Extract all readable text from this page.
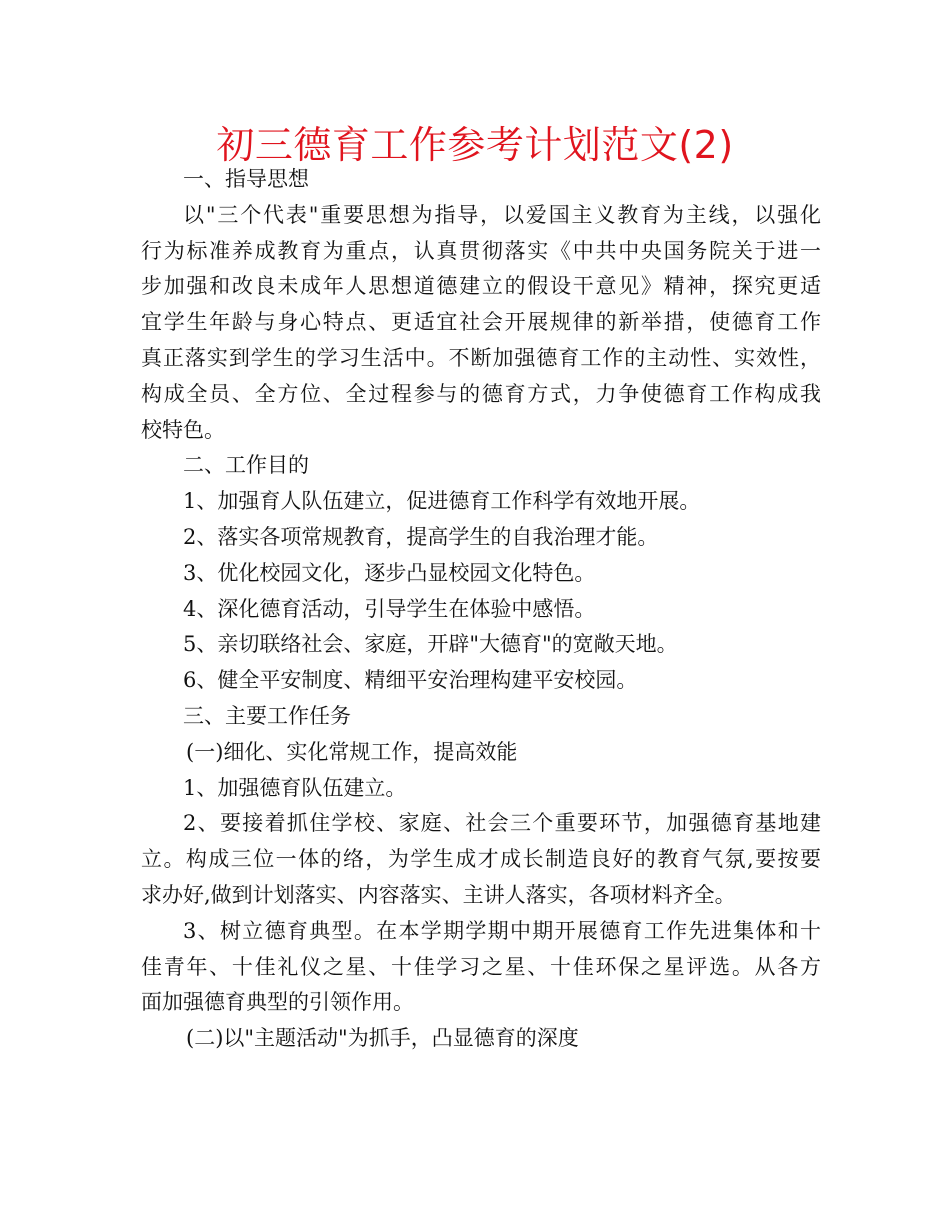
初三德育工作参考计划范文(2)

一、指导思想

以"三个代表"重要思想为指导，以爱国主义教育为主线，以强化

行为标准养成教育为重点，认真贯彻落实《中共中央国务院关于进一

步加强和改良未成年人思想道德建立的假设干意见》精神，探究更适

宜学生年龄与身心特点、更适宜社会开展规律的新举措，使德育工作

真正落实到学生的学习生活中。不断加强德育工作的主动性、实效性，

构成全员、全方位、全过程参与的德育方式，力争使德育工作构成我

校特色。

二、工作目的

1、加强育人队伍建立，促进德育工作科学有效地开展。

2、落实各项常规教育，提高学生的自我治理才能。

3、优化校园文化，逐步凸显校园文化特色。

4、深化德育活动，引导学生在体验中感悟。

5、亲切联络社会、家庭，开辟"大德育"的宽敞天地。

6、健全平安制度、精细平安治理构建平安校园。

三、主要工作任务

(一)细化、实化常规工作，提高效能

1、加强德育队伍建立。

2、要接着抓住学校、家庭、社会三个重要环节，加强德育基地建

立。构成三位一体的络，为学生成才成长制造良好的教育气氛,要按要

求办好,做到计划落实、内容落实、主讲人落实，各项材料齐全。

3、树立德育典型。在本学期学期中期开展德育工作先进集体和十

佳青年、十佳礼仪之星、十佳学习之星、十佳环保之星评选。从各方

面加强德育典型的引领作用。

(二)以"主题活动"为抓手，凸显德育的深度
